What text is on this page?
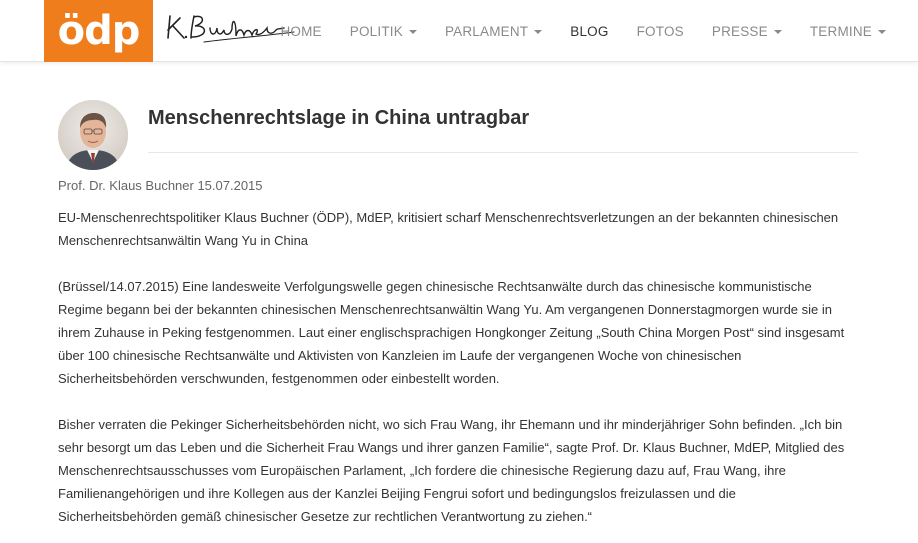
ödp	HOME POLITIK	PARLAMENT	BLOG FOTOS PRESSE	TERMINE
Menschenrechtslage in China untragbar
Prof. Dr. Klaus Buchner 15.07.2015

EU-Menschenrechtspolitiker Klaus Buchner (ÖDP), MdEP, kritisiert scharf Menschenrechtsverletzungen an der bekannten chinesischen Menschenrechtsanwältin Wang Yu in China

(Brüssel/14.07.2015) Eine landesweite Verfolgungswelle gegen chinesische Rechtsanwälte durch das chinesische kommunistische Regime begann bei der bekannten chinesischen Menschenrechtsanwältin Wang Yu. Am vergangenen Donnerstagmorgen wurde sie in ihrem Zuhause in Peking festgenommen. Laut einer englischsprachigen Hongkonger Zeitung „South China Morgen Post“ sind insgesamt über 100 chinesische Rechtsanwälte und Aktivisten von Kanzleien im Laufe der vergangenen Woche von chinesischen Sicherheitsbehörden verschwunden, festgenommen oder einbestellt worden.

Bisher verraten die Pekinger Sicherheitsbehörden nicht, wo sich Frau Wang, ihr Ehemann und ihr minderjähriger Sohn befinden. „Ich bin sehr besorgt um das Leben und die Sicherheit Frau Wangs und ihrer ganzen Familie“, sagte Prof. Dr. Klaus Buchner, MdEP, Mitglied des Menschenrechtsausschusses vom Europäischen Parlament, „Ich fordere die chinesische Regierung dazu auf, Frau Wang, ihre Familienangehörigen und ihre Kollegen aus der Kanzlei Beijing Fengrui sofort und bedingungslos freizulassen und die Sicherheitsbehörden gemäß chinesischer Gesetze zur rechtlichen Verantwortung zu ziehen.“
